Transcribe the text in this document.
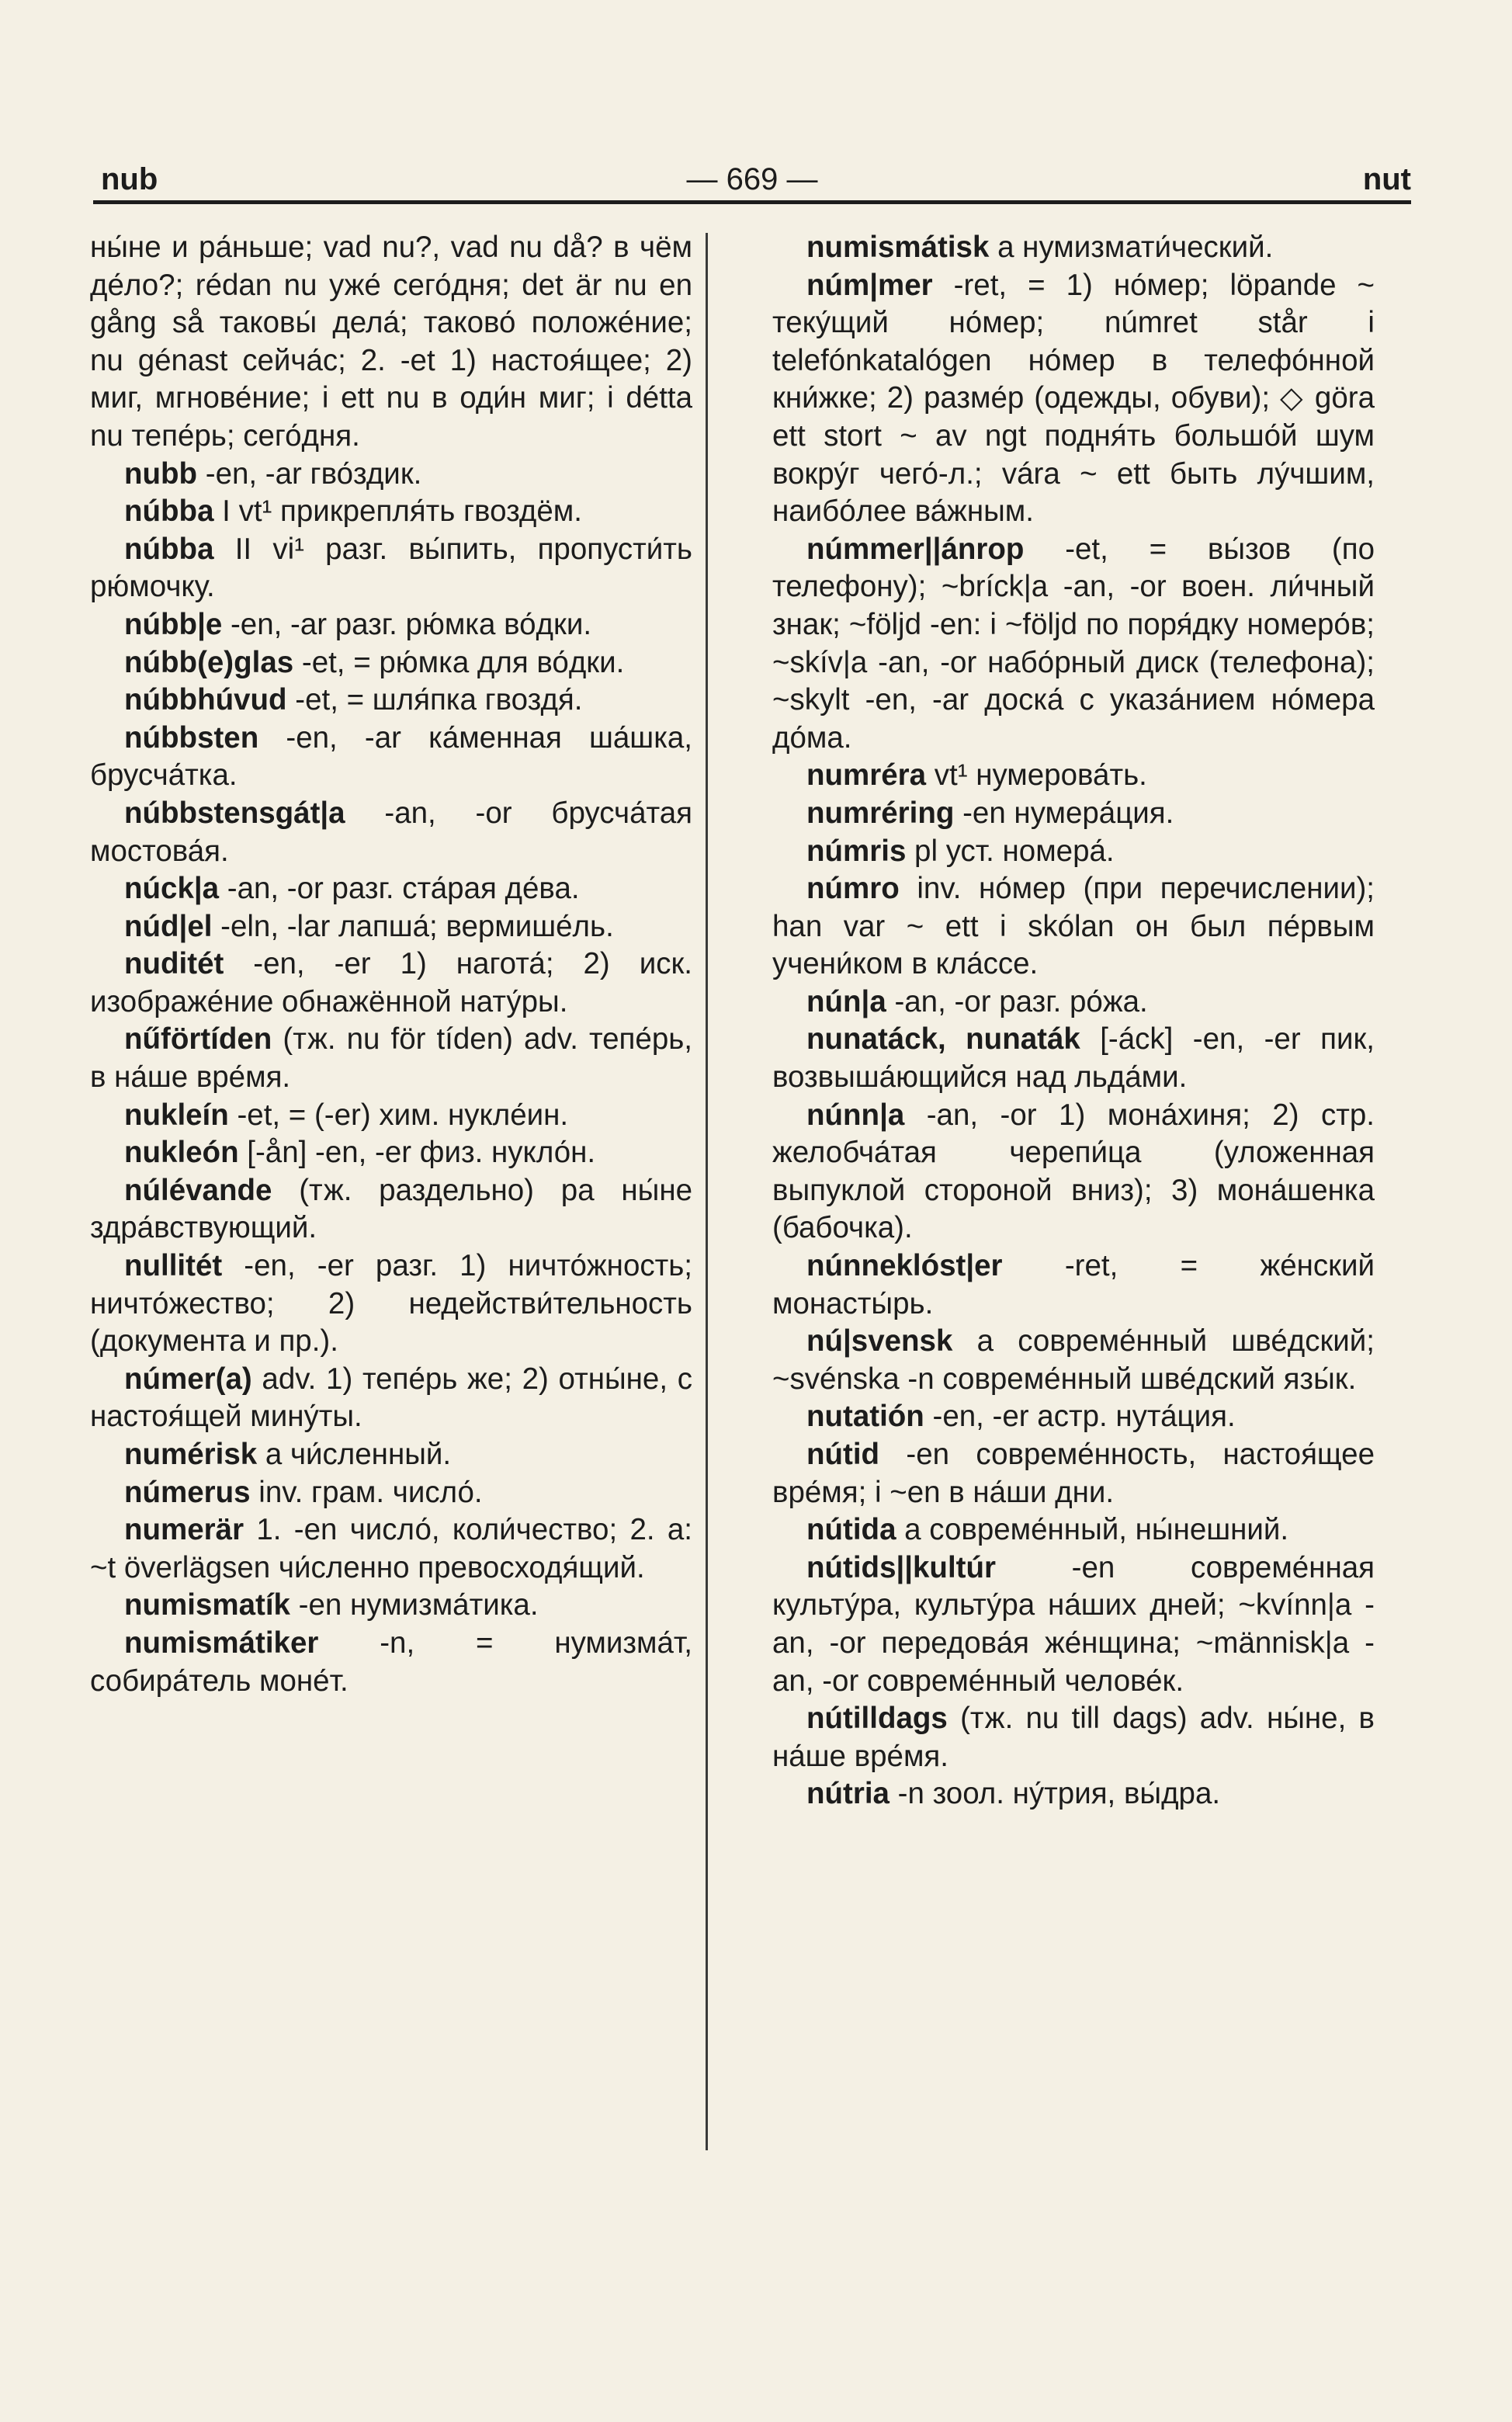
nub	— 669 —	nut

ны́не и ра́ньше; vad nu?, vad nu då? в чём де́ло?; rédan nu уже́ сего́дня; det är nu en gång så таковы́ дела́; таково́ положе́ние; nu génast сейча́с; 2. -et 1) настоя́щее; 2) миг, мгнове́ние; i ett nu в оди́н миг; i détta nu тепе́рь; сего́дня.

nubb -en, -ar гво́здик.

núbba I vt¹ прикрепля́ть гвоздём.

núbba II vi¹ разг. вы́пить, пропусти́ть рю́мочку.

núbb|e -en, -ar разг. рю́мка во́дки.

núbb(e)glas -et, = рю́мка для во́дки.

núbbhúvud -et, = шля́пка гвоздя́.

núbbsten -en, -ar ка́менная ша́шка, брусча́тка.

núbbstensgát|a -an, -or брусча́тая мостова́я.

núck|a -an, -or разг. ста́рая де́ва.

núd|el -eln, -lar лапша́; вермише́ль.

nuditét -en, -er 1) нагота́; 2) иск. изображе́ние обнажённой нату́ры.

nűförtíden (тж. nu för tíden) adv. тепе́рь, в на́ше вре́мя.

nukleín -et, = (-er) хим. нукле́ин.

nukleón [-ån] -en, -er физ. нукло́н.

núlévande (тж. раздельно) ра ны́не здра́вствующий.

nullitét -en, -er разг. 1) ничто́жность; ничто́жество; 2) недействи́тельность (документа и пр.).

númer(a) adv. 1) тепе́рь же; 2) отны́не, с настоя́щей мину́ты.

numérisk a чи́сленный.

númerus inv. грам. число́.

numerär 1. -en число́, коли́чество; 2. a: ~t överlägsen чи́сленно превосходя́щий.

numismatík -en нумизма́тика.

numismátiker -n, = нумизма́т, собира́тель моне́т.

numismátisk a нумизмати́ческий.

núm|mer -ret, = 1) но́мер; löpande ~ теку́щий но́мер; númret står i telefónkatalógen но́мер в телефо́нной кни́жке; 2) разме́р (одежды, обуви); ◇ göra ett stort ~ av ngt подня́ть большо́й шум вокру́г чего́-л.; vára ~ ett быть лу́чшим, наибо́лее ва́жным.

númmer||ánrop -et, = вы́зов (по телефону); ~bríck|a -an, -or воен. ли́чный знак; ~följd -en: i ~följd по поря́дку номеро́в; ~skív|a -an, -or набо́рный диск (телефона); ~skylt -en, -ar доска́ с указа́нием но́мера до́ма.

numréra vt¹ нумерова́ть.

numréring -en нумера́ция.

númris pl уст. номера́.

númro inv. но́мер (при перечислении); han var ~ ett i skólan он был пе́рвым учени́ком в кла́ссе.

nún|a -an, -or разг. ро́жа.

nunatáck, nunaták [-áck] -en, -er пик, возвыша́ющийся над льда́ми.

núnn|a -an, -or 1) мона́хиня; 2) стр. желобча́тая черепи́ца (уложенная выпуклой стороной вниз); 3) мона́шенка (бабочка).

núnneklóst|er -ret, = же́нский монасты́рь.

nú|svensk a совреме́нный шве́дский; ~svénska -n совреме́нный шве́дский язы́к.

nutatión -en, -er астр. нута́ция.

nútid -en совреме́нность, настоя́щее вре́мя; i ~en в на́ши дни.

nútida a совреме́нный, ны́нешний.

nútids||kultúr -en совреме́нная культу́ра, культу́ра на́ших дней; ~kvínn|a -an, -or передова́я же́нщина; ~människ|a -an, -or совреме́нный челове́к.

nútilldags (тж. nu till dags) adv. ны́не, в на́ше вре́мя.

nútria -n зоол. ну́трия, вы́дра.
